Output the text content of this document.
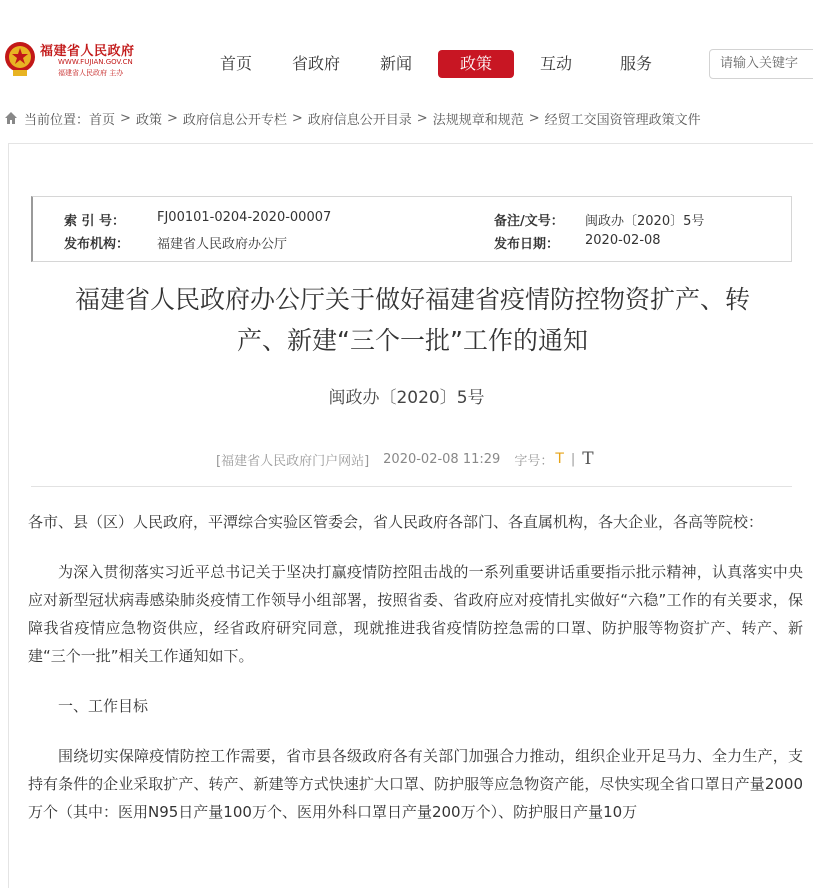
福建省人民政府
WWW.FUJIAN.GOV.CN
福建省人民政府 主办	首页	省政府	新闻	政策	互动	服务	请输入关键字
当前位置： 首页 > 政策 > 政府信息公开专栏 > 政府信息公开目录 > 法规规章和规范 > 经贸工交国资管理政策文件
索 引 号： FJ00101-0204-2020-00007	备注/文号： 闽政办〔2020〕5号
发布机构： 福建省人民政府办公厅	发布日期： 2020-02-08
福建省人民政府办公厅关于做好福建省疫情防控物资扩产、转
产、新建“三个一批”工作的通知
闽政办〔2020〕5号
[福建省人民政府门户网站] 2020-02-08 11:29 字号： T | T
各市、县（区）人民政府，平潭综合实验区管委会，省人民政府各部门、各直属机构，各大企业，各高等院校：
为深入贯彻落实习近平总书记关于坚决打赢疫情防控阻击战的一系列重要讲话重要指示批示精神，认真落实中央应对新型冠状病毒感染肺炎疫情工作领导小组部署，按照省委、省政府应对疫情扎实做好“六稳”工作的有关要求，保障我省疫情应急物资供应，经省政府研究同意，现就推进我省疫情防控急需的口罩、防护服等物资扩产、转产、新建“三个一批”相关工作通知如下。
一、工作目标
围绕切实保障疫情防控工作需要，省市县各级政府各有关部门加强合力推动，组织企业开足马力、全力生产，支持有条件的企业采取扩产、转产、新建等方式快速扩大口罩、防护服等应急物资产能，尽快实现全省口罩日产量2000万个（其中：医用N95日产量100万个、医用外科口罩日产量200万个）、防护服日产量10万
